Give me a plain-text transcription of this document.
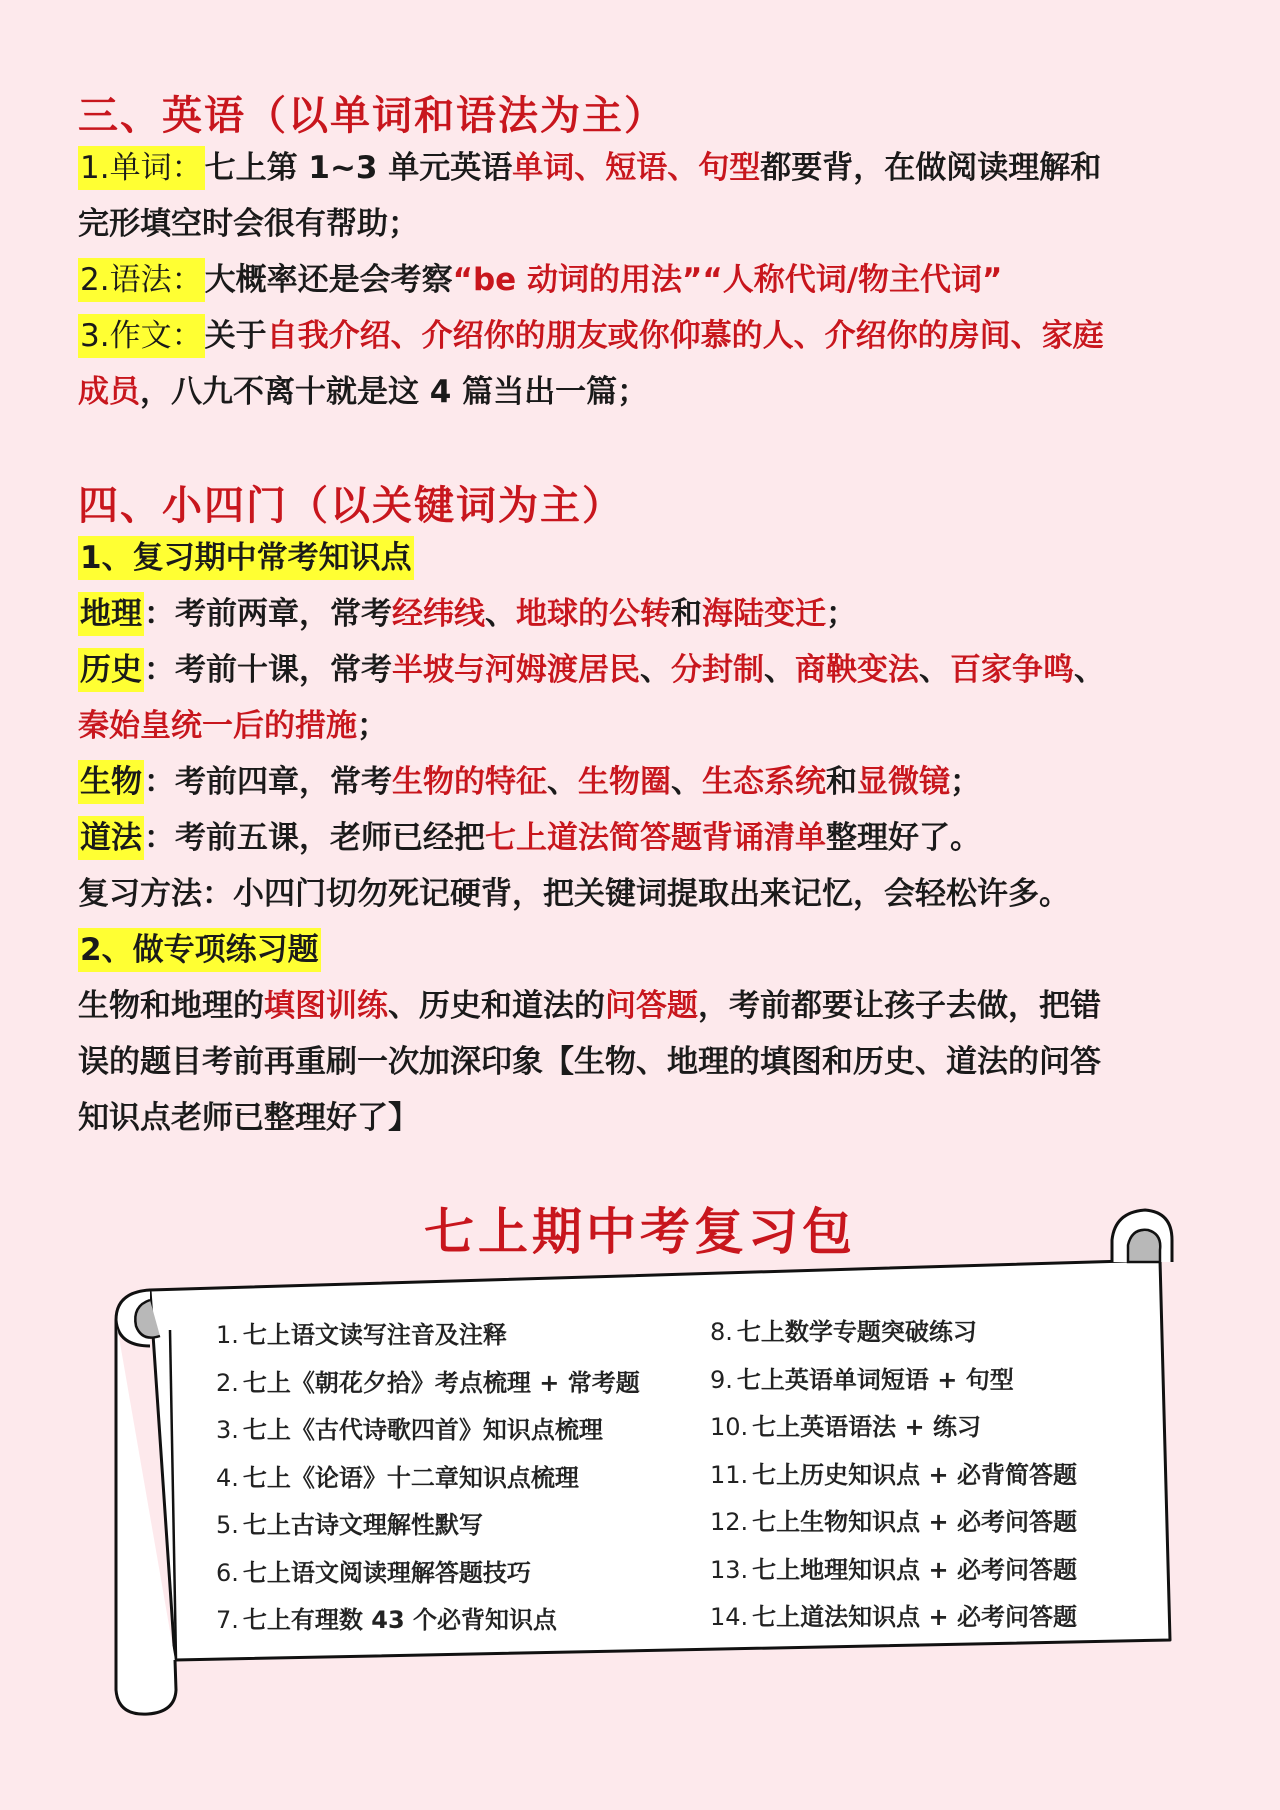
三、英语（以单词和语法为主）
1.单词：七上第 1~3 单元英语单词、短语、句型都要背，在做阅读理解和
完形填空时会很有帮助；
2.语法：大概率还是会考察“be 动词的用法”“人称代词/物主代词”
3.作文：关于自我介绍、介绍你的朋友或你仰慕的人、介绍你的房间、家庭
成员，八九不离十就是这 4 篇当出一篇；
四、小四门（以关键词为主）
1、复习期中常考知识点
地理：考前两章，常考经纬线、地球的公转和海陆变迁；
历史：考前十课，常考半坡与河姆渡居民、分封制、商鞅变法、百家争鸣、
秦始皇统一后的措施；
生物：考前四章，常考生物的特征、生物圈、生态系统和显微镜；
道法：考前五课，老师已经把七上道法简答题背诵清单整理好了。
复习方法：小四门切勿死记硬背，把关键词提取出来记忆，会轻松许多。
2、做专项练习题
生物和地理的填图训练、历史和道法的问答题，考前都要让孩子去做，把错
误的题目考前再重刷一次加深印象【生物、地理的填图和历史、道法的问答
知识点老师已整理好了】
七上期中考复习包
1. 七上语文读写注音及注释
2. 七上《朝花夕拾》考点梳理 + 常考题
3. 七上《古代诗歌四首》知识点梳理
4. 七上《论语》十二章知识点梳理
5. 七上古诗文理解性默写
6. 七上语文阅读理解答题技巧
7. 七上有理数 43 个必背知识点
8. 七上数学专题突破练习
9. 七上英语单词短语 + 句型
10. 七上英语语法 + 练习
11. 七上历史知识点 + 必背简答题
12. 七上生物知识点 + 必考问答题
13. 七上地理知识点 + 必考问答题
14. 七上道法知识点 + 必考问答题
